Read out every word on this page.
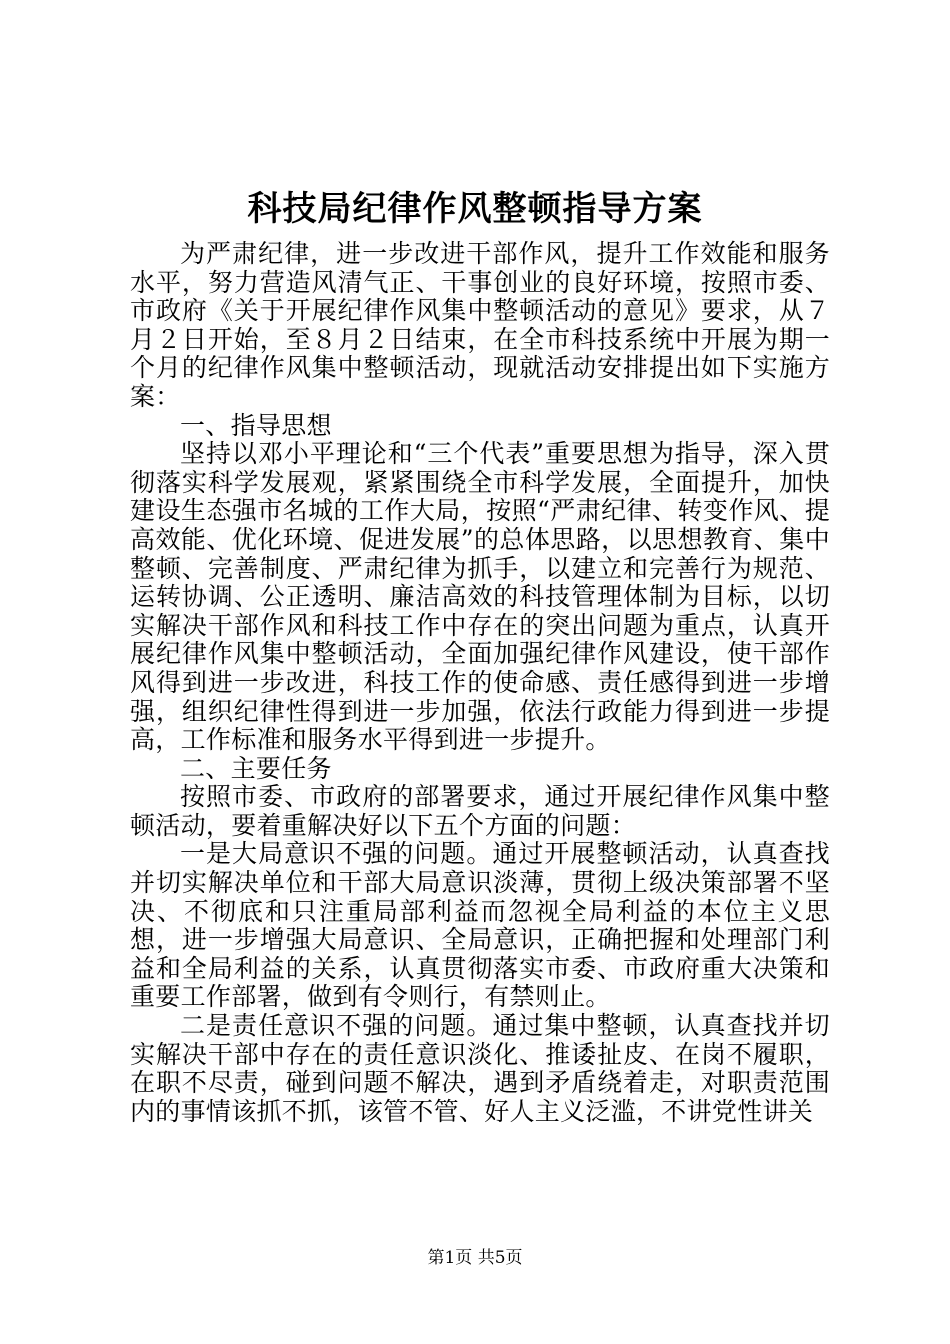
科技局纪律作风整顿指导方案

为严肃纪律，进一步改进干部作风，提升工作效能和服务水平，努力营造风清气正、干事创业的良好环境，按照市委、市政府《关于开展纪律作风集中整顿活动的意见》要求，从７月２日开始，至８月２日结束，在全市科技系统中开展为期一个月的纪律作风集中整顿活动，现就活动安排提出如下实施方案：

一、指导思想

坚持以邓小平理论和“三个代表”重要思想为指导，深入贯彻落实科学发展观，紧紧围绕全市科学发展，全面提升，加快建设生态强市名城的工作大局，按照“严肃纪律、转变作风、提高效能、优化环境、促进发展”的总体思路，以思想教育、集中整顿、完善制度、严肃纪律为抓手，以建立和完善行为规范、运转协调、公正透明、廉洁高效的科技管理体制为目标，以切实解决干部作风和科技工作中存在的突出问题为重点，认真开展纪律作风集中整顿活动，全面加强纪律作风建设，使干部作风得到进一步改进，科技工作的使命感、责任感得到进一步增强，组织纪律性得到进一步加强，依法行政能力得到进一步提高，工作标准和服务水平得到进一步提升。

二、主要任务

按照市委、市政府的部署要求，通过开展纪律作风集中整顿活动，要着重解决好以下五个方面的问题：

一是大局意识不强的问题。通过开展整顿活动，认真查找并切实解决单位和干部大局意识淡薄，贯彻上级决策部署不坚决、不彻底和只注重局部利益而忽视全局利益的本位主义思想，进一步增强大局意识、全局意识，正确把握和处理部门利益和全局利益的关系，认真贯彻落实市委、市政府重大决策和重要工作部署，做到有令则行，有禁则止。

二是责任意识不强的问题。通过集中整顿，认真查找并切实解决干部中存在的责任意识淡化、推诿扯皮、在岗不履职，在职不尽责，碰到问题不解决，遇到矛盾绕着走，对职责范围内的事情该抓不抓，该管不管、好人主义泛滥，不讲党性讲关

第1页 共5页
